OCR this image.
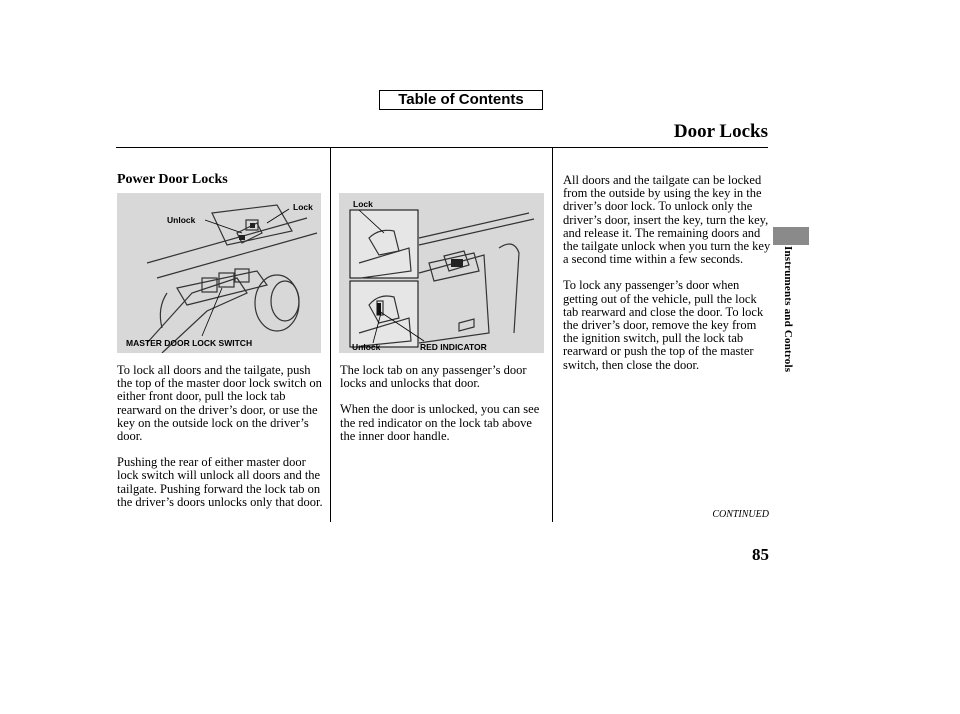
Table of Contents
Door Locks
Power Door Locks
Instruments and Controls
Unlock
Lock
MASTER DOOR LOCK SWITCH
Lock
Unlock	RED INDICATOR

To lock all doors and the tailgate, push the top of the master door lock switch on either front door, pull the lock tab rearward on the driver’s door, or use the key on the outside lock on the driver’s door.

Pushing the rear of either master door lock switch will unlock all doors and the tailgate. Pushing forward the lock tab on the driver’s doors unlocks only that door.

The lock tab on any passenger’s door locks and unlocks that door.

When the door is unlocked, you can see the red indicator on the lock tab above the inner door handle.

All doors and the tailgate can be locked from the outside by using the key in the driver’s door lock. To unlock only the driver’s door, insert the key, turn the key, and release it. The remaining doors and the tailgate unlock when you turn the key a second time within a few seconds.

To lock any passenger’s door when getting out of the vehicle, pull the lock tab rearward and close the door. To lock the driver’s door, remove the key from the ignition switch, pull the lock tab rearward or push the top of the master switch, then close the door.

CONTINUED
85
